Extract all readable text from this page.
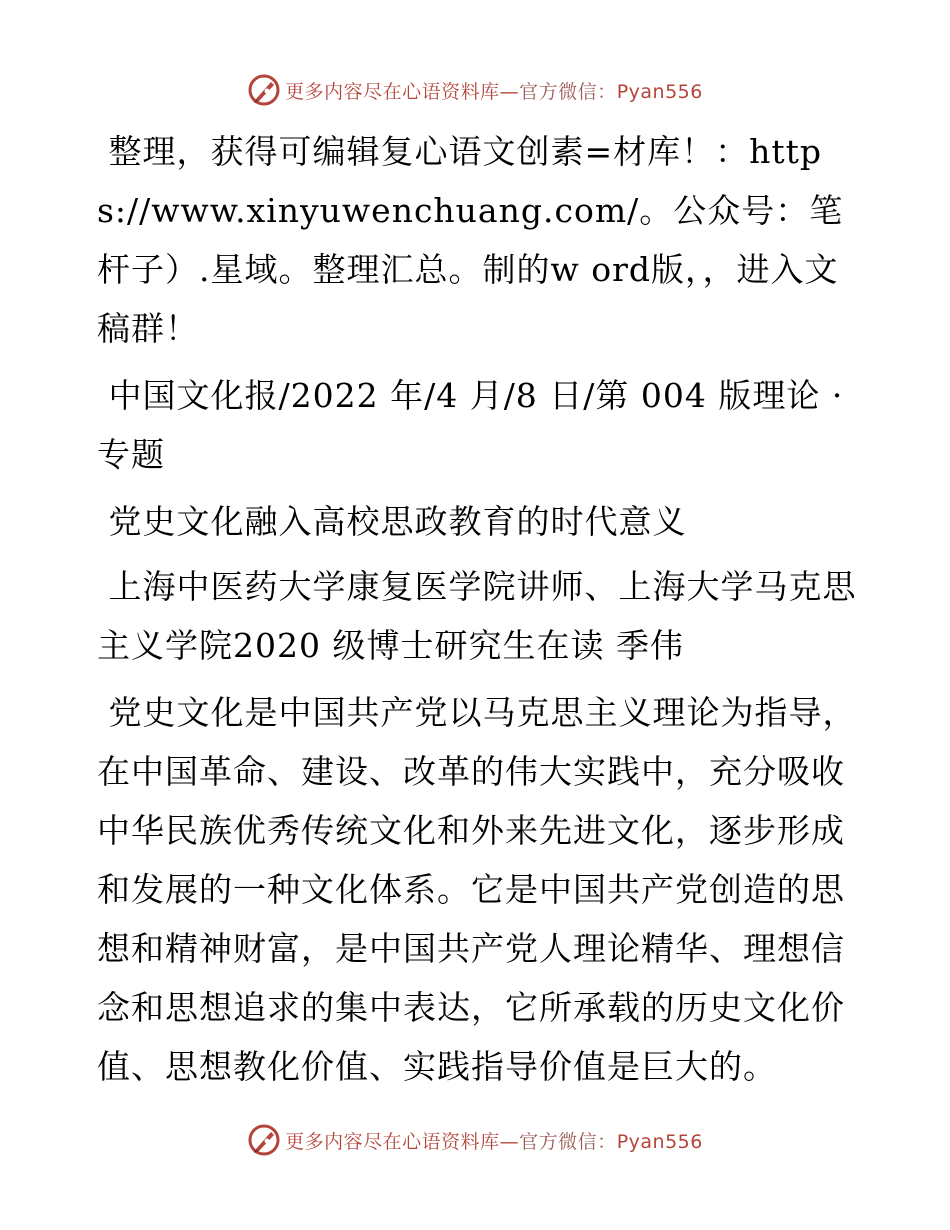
更多内容尽在心语资料库—官方微信：Pyan556

整理，获得可编辑复心语文创素=材库！：https://www.xinyuwenchuang.com/。公众号：笔杆子）.星域。整理汇总。制的w ord版，，进入文稿群！

中国文化报/2022 年/4 月/8 日/第 004 版理论 · 专题

党史文化融入高校思政教育的时代意义

上海中医药大学康复医学院讲师、上海大学马克思主义学院2020 级博士研究生在读 季伟

党史文化是中国共产党以马克思主义理论为指导，在中国革命、建设、改革的伟大实践中，充分吸收中华民族优秀传统文化和外来先进文化，逐步形成和发展的一种文化体系。它是中国共产党创造的思想和精神财富，是中国共产党人理论精华、理想信念和思想追求的集中表达，它所承载的历史文化价值、思想教化价值、实践指导价值是巨大的。

更多内容尽在心语资料库—官方微信：Pyan556
